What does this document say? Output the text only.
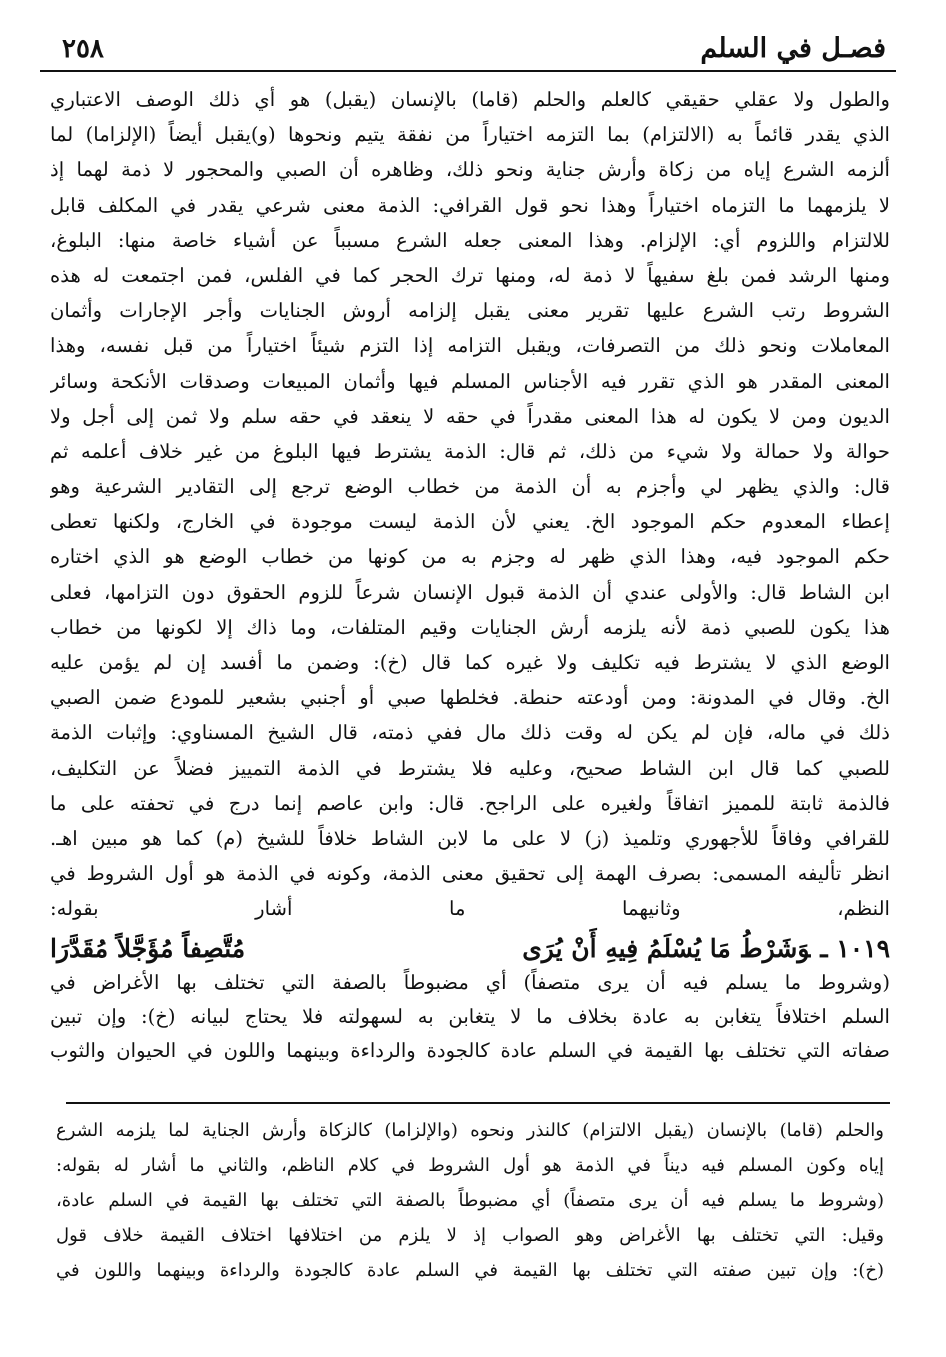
٢٥٨	فصـل في السلم
والطول ولا عقلي حقيقي كالعلم والحلم (قاما) بالإنسان (يقبل) هو أي ذلك الوصف الاعتباري
الذي يقدر قائماً به (الالتزام) بما التزمه اختياراً من نفقة يتيم ونحوها (و)يقبل أيضاً (الإلزاما) لما
ألزمه الشرع إياه من زكاة وأرش جناية ونحو ذلك، وظاهره أن الصبي والمحجور لا ذمة لهما إذ
لا يلزمهما ما التزماه اختياراً وهذا نحو قول القرافي: الذمة معنى شرعي يقدر في المكلف قابل
للالتزام واللزوم أي: الإلزام. وهذا المعنى جعله الشرع مسبباً عن أشياء خاصة منها: البلوغ،
ومنها الرشد فمن بلغ سفيهاً لا ذمة له، ومنها ترك الحجر كما في الفلس، فمن اجتمعت له هذه
الشروط رتب الشرع عليها تقرير معنى يقبل إلزامه أروش الجنايات وأجر الإجارات وأثمان
المعاملات ونحو ذلك من التصرفات، ويقبل التزامه إذا التزم شيئاً اختياراً من قبل نفسه، وهذا
المعنى المقدر هو الذي تقرر فيه الأجناس المسلم فيها وأثمان المبيعات وصدقات الأنكحة وسائر
الديون ومن لا يكون له هذا المعنى مقدراً في حقه لا ينعقد في حقه سلم ولا ثمن إلى أجل ولا
حوالة ولا حمالة ولا شيء من ذلك، ثم قال: الذمة يشترط فيها البلوغ من غير خلاف أعلمه ثم
قال: والذي يظهر لي وأجزم به أن الذمة من خطاب الوضع ترجع إلى التقادير الشرعية وهو
إعطاء المعدوم حكم الموجود الخ. يعني لأن الذمة ليست موجودة في الخارج، ولكنها تعطى
حكم الموجود فيه، وهذا الذي ظهر له وجزم به من كونها من خطاب الوضع هو الذي اختاره
ابن الشاط قال: والأولى عندي أن الذمة قبول الإنسان شرعاً للزوم الحقوق دون التزامها، فعلى
هذا يكون للصبي ذمة لأنه يلزمه أرش الجنايات وقيم المتلفات، وما ذاك إلا لكونها من خطاب
الوضع الذي لا يشترط فيه تكليف ولا غيره كما قال (خ): وضمن ما أفسد إن لم يؤمن عليه
الخ. وقال في المدونة: ومن أودعته حنطة. فخلطها صبي أو أجنبي بشعير للمودع ضمن الصبي
ذلك في ماله، فإن لم يكن له وقت ذلك مال ففي ذمته، قال الشيخ المسناوي: وإثبات الذمة
للصبي كما قال ابن الشاط صحيح، وعليه فلا يشترط في الذمة التمييز فضلاً عن التكليف،
فالذمة ثابتة للمميز اتفاقاً ولغيره على الراجح. قال: وابن عاصم إنما درج في تحفته على ما
للقرافي وفاقاً للأجهوري وتلميذ (ز) لا على ما لابن الشاط خلافاً للشيخ (م) كما هو مبين اهـ.
انظر تأليفه المسمى: بصرف الهمة إلى تحقيق معنى الذمة، وكونه في الذمة هو أول الشروط في
النظم، وثانيهما ما أشار بقوله:
١٠١٩ ـوَشَرْطُ مَا يُسْلَمُ فِيهِ أَنْ يُرَى
مُتَّصِفاً مُؤَجَّلاً مُقَدَّرَا
(وشروط ما يسلم فيه أن يرى متصفاً) أي مضبوطاً بالصفة التي تختلف بها الأغراض في
السلم اختلافاً يتغابن به عادة بخلاف ما لا يتغابن به لسهولته فلا يحتاج لبيانه (خ): وإن تبين
صفاته التي تختلف بها القيمة في السلم عادة كالجودة والرداءة وبينهما واللون في الحيوان والثوب
والحلم (قاما) بالإنسان (يقبل الالتزام) كالنذر ونحوه (والإلزاما) كالزكاة وأرش الجناية لما يلزمه الشرع
إياه وكون المسلم فيه ديناً في الذمة هو أول الشروط في كلام الناظم، والثاني ما أشار له بقوله:
(وشروط ما يسلم فيه أن يرى متصفاً) أي مضبوطاً بالصفة التي تختلف بها القيمة في السلم عادة،
وقيل: التي تختلف بها الأغراض وهو الصواب إذ لا يلزم من اختلافها اختلاف القيمة خلاف قول
(خ): وإن تبين صفته التي تختلف بها القيمة في السلم عادة كالجودة والرداءة وبينهما واللون في
